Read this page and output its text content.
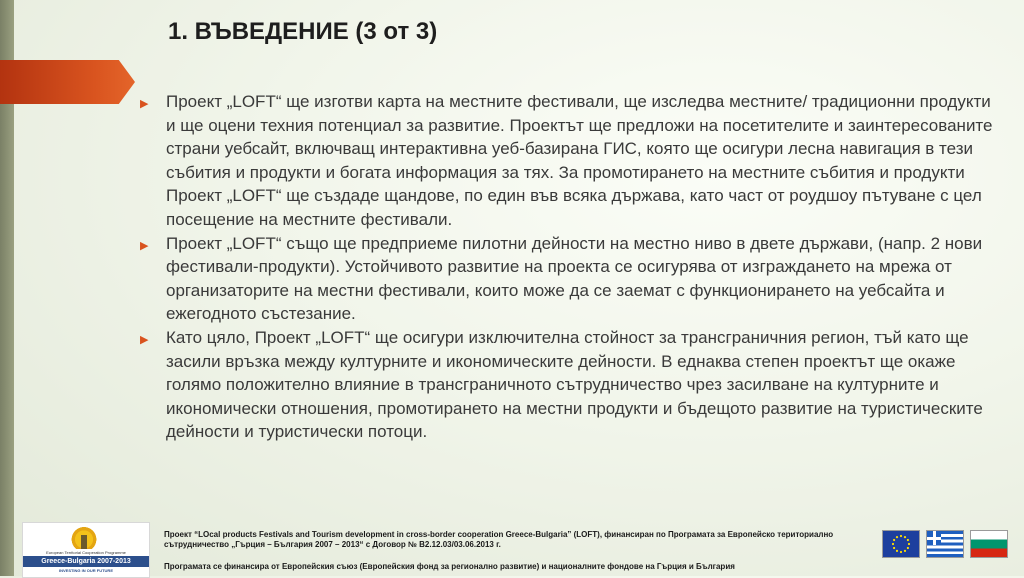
1. ВЪВЕДЕНИЕ (3 от 3)
▶ Проект „LOFT“ ще изготви карта на местните фестивали, ще изследва местните/ традиционни продукти и ще оцени техния потенциал за развитие. Проектът ще предложи на посетителите и заинтересованите страни уебсайт, включващ интерактивна уеб-базирана ГИС, която ще осигури лесна навигация в тези събития и продукти и богата информация за тях. За промотирането на местните събития и продукти Проект „LOFT“ ще създаде щандове, по един във всяка държава, като част от роудшоу пътуване с цел посещение на местните фестивали.
▶ Проект „LOFT“ също ще предприеме пилотни дейности на местно ниво в двете държави, (напр. 2 нови фестивали-продукти). Устойчивото развитие на проекта се осигурява от изграждането на мрежа от организаторите на местни фестивали, които може да се заемат с функционирането на уебсайта и ежегодното състезание.
▶ Като цяло, Проект „LOFT“ ще осигури изключителна стойност за трансграничния регион, тъй като ще засили връзка между културните и икономическите дейности. В еднаква степен проектът ще окаже голямо положително влияние в трансграничното сътрудничество чрез засилване на културните и икономически отношения, промотирането на местни продукти и бъдещото развитие на туристическите дейности и туристически потоци.
European Territorial Cooperation Programme
Greece-Bulgaria 2007-2013
INVESTING IN OUR FUTURE

Проект “LOcal products Festivals and Tourism development in cross-border cooperation Greece-Bulgaria” (LOFT), финансиран по Програмата за Европейско териториално сътрудничество „Гърция – България 2007 – 2013“ с Договор № B2.12.03/03.06.2013 г.

Програмата се финансира от Европейския съюз (Европейския фонд за регионално развитие) и националните фондове на Гърция и България
